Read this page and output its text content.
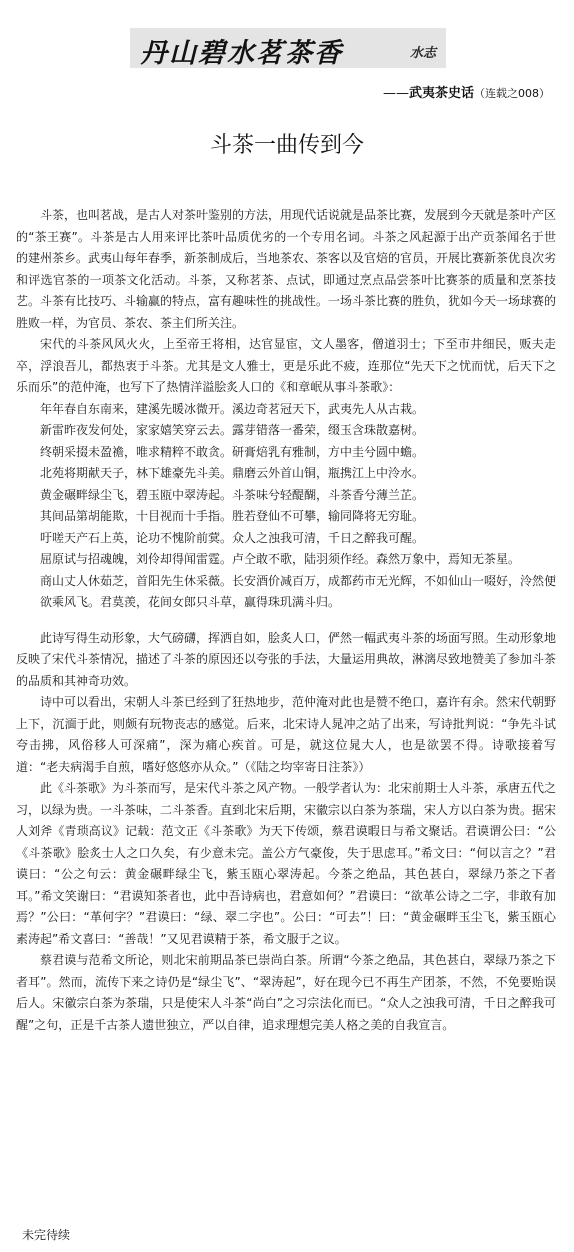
丹山碧水茗茶香	水志
——武夷茶史话（连载之008）
斗茶一曲传到今

斗茶，也叫茗战，是古人对茶叶鉴别的方法，用现代话说就是品茶比赛，发展到今天就是茶叶产区的“茶王赛”。斗茶是古人用来评比茶叶品质优劣的一个专用名词。斗茶之风起源于出产贡茶闻名于世的建州茶乡。武夷山每年春季，新茶制成后，当地茶农、茶客以及官焙的官员，开展比赛新茶优良次劣和评选官茶的一项茶文化活动。斗茶，又称茗茶、点试，即通过烹点品尝茶叶比赛茶的质量和烹茶技艺。斗茶有比技巧、斗输赢的特点，富有趣味性的挑战性。一场斗茶比赛的胜负，犹如今天一场球赛的胜败一样，为官员、茶农、茶主们所关注。

宋代的斗茶风风火火，上至帝王将相，达官显宦，文人墨客，僧道羽士；下至市井细民，贩夫走卒，浮浪吾儿，都热衷于斗茶。尤其是文人雅士，更是乐此不疲，连那位“先天下之忧而忧，后天下之乐而乐”的范仲淹，也写下了热情洋溢脍炙人口的《和章岷从事斗茶歌》：

年年春自东南来，建溪先暖冰微开。溪边奇茗冠天下，武夷先人从古栽。

新雷昨夜发何处，家家嬉笑穿云去。露芽错落一番荣，缀玉含珠散嘉树。

终朝采掇未盈襜，唯求精粹不敢贪。研膏焙乳有雅制，方中圭兮圆中蟾。

北苑将期献天子，林下雄豪先斗美。鼎磨云外首山铜，瓶携江上中泠水。

黄金碾畔绿尘飞，碧玉瓯中翠涛起。斗茶味兮轻醍醐，斗茶香兮薄兰芷。

其间品第胡能欺，十目视而十手指。胜若登仙不可攀，输同降将无穷耻。

吁嗟天产石上英，论功不愧阶前蓂。众人之浊我可清，千日之醉我可醒。

屈原试与招魂魄，刘伶却得闻雷霆。卢仝敢不歌，陆羽须作经。森然万象中，焉知无茶星。

商山丈人休茹芝，首阳先生休采薇。长安酒价减百万，成都药市无光辉，不如仙山一啜好，泠然便欲乘风飞。君莫羡，花间女郎只斗草，赢得珠玑满斗归。

此诗写得生动形象，大气磅礴，挥洒自如，脍炙人口，俨然一幅武夷斗茶的场面写照。生动形象地反映了宋代斗茶情况，描述了斗茶的原因还以夸张的手法，大量运用典故，淋漓尽致地赞美了参加斗茶的品质和其神奇功效。

诗中可以看出，宋朝人斗茶已经到了狂热地步，范仲淹对此也是赞不绝口，嘉许有余。然宋代朝野上下，沉湎于此，则颇有玩物丧志的感觉。后来，北宋诗人晁冲之站了出来，写诗批判说：“争先斗试夸击拂，风俗移人可深痛”，深为痛心疾首。可是，就这位晁大人，也是欲罢不得。诗歌接着写道：“老夫病渴手自煎，嗜好悠悠亦从众。”（《陆之均宰寄日注茶》）

此《斗茶歌》为斗茶而写，是宋代斗茶之风产物。一般学者认为：北宋前期士人斗茶，承唐五代之习，以绿为贵。一斗茶味，二斗茶香。直到北宋后期，宋徽宗以白茶为茶瑞，宋人方以白茶为贵。据宋人刘斧《青琐高议》记载：范文正《斗茶歌》为天下传颂，蔡君谟暇日与希文聚话。君谟谓公曰：“公《斗茶歌》脍炙士人之口久矣，有少意未完。盖公方气豪俊，失于思虑耳。”希文曰：“何以言之？”君谟曰：“公之句云：黄金碾畔绿尘飞，紫玉瓯心翠涛起。今茶之绝品，其色甚白，翠绿乃茶之下者耳。”希文笑谢曰：“君谟知茶者也，此中吾诗病也，君意如何？”君谟曰：“欲革公诗之二字，非敢有加焉？”公曰：“革何字？”君谟曰：“绿、翠二字也”。公曰：“可去”！曰：“黄金碾畔玉尘飞，紫玉瓯心素涛起”希文喜曰：“善哉！”又见君谟精于茶，希文服于之议。

蔡君谟与范希文所论，则北宋前期品茶已崇尚白茶。所谓“今茶之绝品，其色甚白，翠绿乃茶之下者耳”。然而，流传下来之诗仍是“绿尘飞”、“翠涛起”，好在现今已不再生产团茶，不然，不免要贻误后人。宋徽宗白茶为茶瑞，只是使宋人斗茶“尚白”之习宗法化而已。“众人之浊我可清，千日之醉我可醒”之句，正是千古茶人遗世独立，严以自律，追求理想完美人格之美的自我宣言。

未完待续
